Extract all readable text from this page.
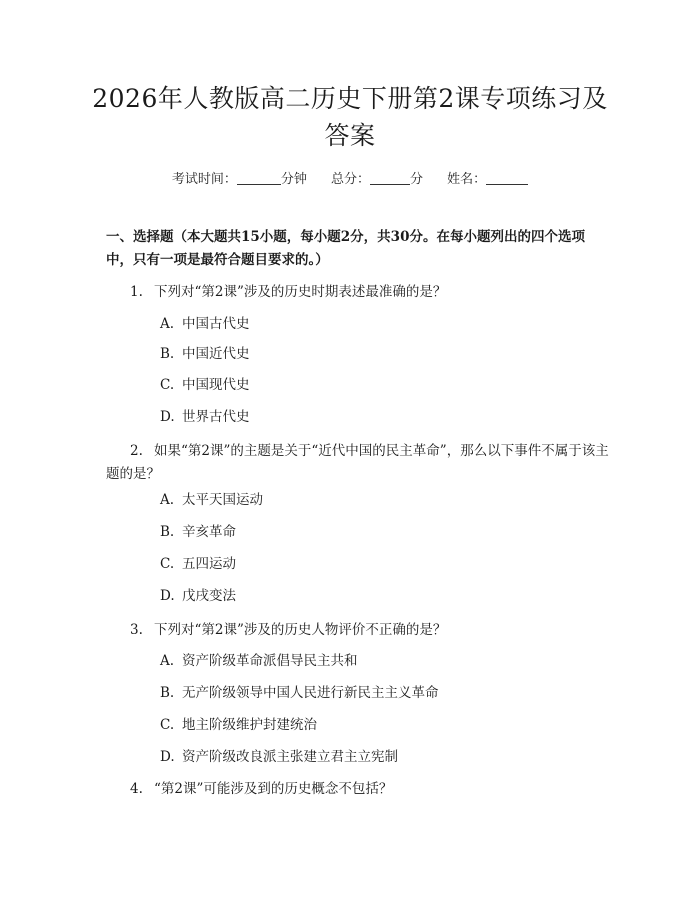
2026年人教版高二历史下册第2课专项练习及答案
考试时间：	分钟 总分：	分 姓名：
一、选择题（本大题共15小题，每小题2分，共30分。在每小题列出的四个选项中，只有一项是最符合题目要求的。）
1. 下列对“第2课”涉及的历史时期表述最准确的是？
A. 中国古代史
B. 中国近代史
C. 中国现代史
D. 世界古代史
2. 如果“第2课”的主题是关于“近代中国的民主革命”，那么以下事件不属于该主题的是？
A. 太平天国运动
B. 辛亥革命
C. 五四运动
D. 戊戌变法
3. 下列对“第2课”涉及的历史人物评价不正确的是？
A. 资产阶级革命派倡导民主共和
B. 无产阶级领导中国人民进行新民主主义革命
C. 地主阶级维护封建统治
D. 资产阶级改良派主张建立君主立宪制
4. “第2课”可能涉及到的历史概念不包括？
